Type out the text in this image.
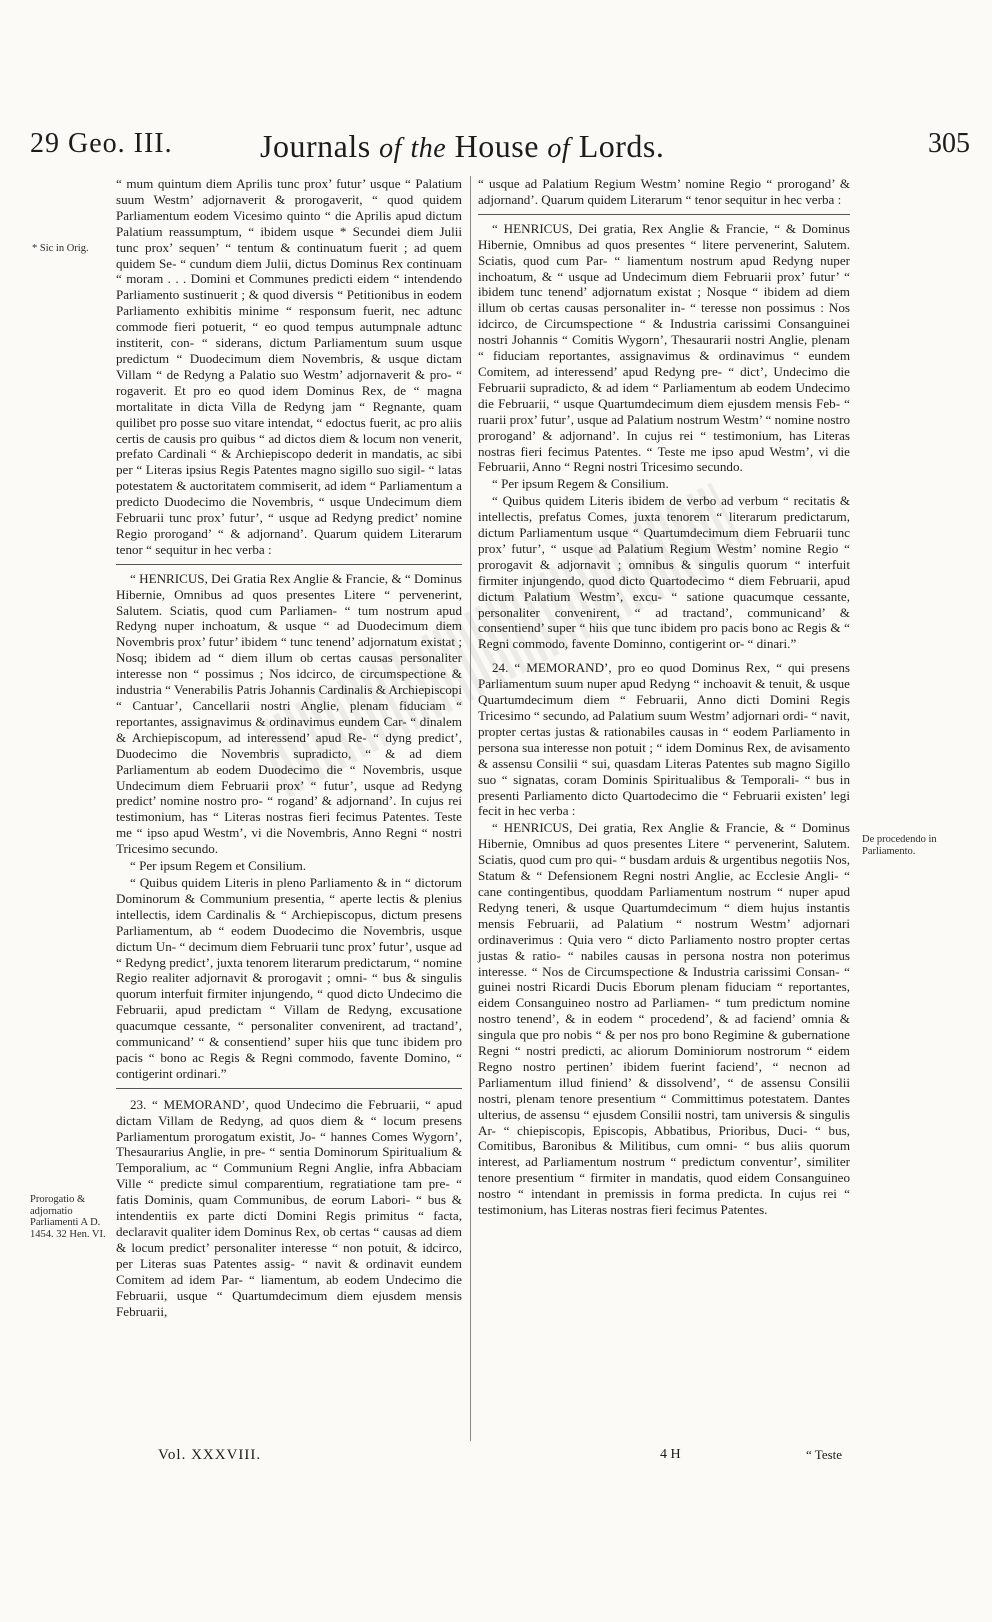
29 Geo. III.	Journals of the House of Lords.	305
* Sic in Orig.
Prorogatio & adjornatio Parliamenti A D. 1454. 32 Hen. VI.
De procedendo in Parliamento.

“ mum quintum diem Aprilis tunc prox’ futur’ usque “ Palatium suum Westm’ adjornaverit & prorogaverit, “ quod quidem Parliamentum eodem Vicesimo quinto “ die Aprilis apud dictum Palatium reassumptum, “ ibidem usque * Secundei diem Julii tunc prox’ sequen’ “ tentum & continuatum fuerit ; ad quem quidem Se- “ cundum diem Julii, dictus Dominus Rex continuam “ moram . . . Domini et Communes predicti eidem “ intendendo Parliamento sustinuerit ; & quod diversis “ Petitionibus in eodem Parliamento exhibitis minime “ responsum fuerit, nec adtunc commode fieri potuerit, “ eo quod tempus autumpnale adtunc institerit, con- “ siderans, dictum Parliamentum suum usque predictum “ Duodecimum diem Novembris, & usque dictam Villam “ de Redyng a Palatio suo Westm’ adjornaverit & pro- “ rogaverit. Et pro eo quod idem Dominus Rex, de “ magna mortalitate in dicta Villa de Redyng jam “ Regnante, quam quilibet pro posse suo vitare intendat, “ edoctus fuerit, ac pro aliis certis de causis pro quibus “ ad dictos diem & locum non venerit, prefato Cardinali “ & Archiepiscopo dederit in mandatis, ac sibi per “ Literas ipsius Regis Patentes magno sigillo suo sigil- “ latas potestatem & auctoritatem commiserit, ad idem “ Parliamentum a predicto Duodecimo die Novembris, “ usque Undecimum diem Februarii tunc prox’ futur’, “ usque ad Redyng predict’ nomine Regio prorogand’ “ & adjornand’. Quarum quidem Literarum tenor “ sequitur in hec verba :

“ HENRICUS, Dei Gratia Rex Anglie & Francie, & “ Dominus Hibernie, Omnibus ad quos presentes Litere “ pervenerint, Salutem. Sciatis, quod cum Parliamen- “ tum nostrum apud Redyng nuper inchoatum, & usque “ ad Duodecimum diem Novembris prox’ futur’ ibidem “ tunc tenend’ adjornatum existat ; Nosq; ibidem ad “ diem illum ob certas causas personaliter interesse non “ possimus ; Nos idcirco, de circumspectione & industria “ Venerabilis Patris Johannis Cardinalis & Archiepiscopi “ Cantuar’, Cancellarii nostri Anglie, plenam fiduciam “ reportantes, assignavimus & ordinavimus eundem Car- “ dinalem & Archiepiscopum, ad interessend’ apud Re- “ dyng predict’, Duodecimo die Novembris supradicto, “ & ad diem Parliamentum ab eodem Duodecimo die “ Novembris, usque Undecimum diem Februarii prox’ “ futur’, usque ad Redyng predict’ nomine nostro pro- “ rogand’ & adjornand’. In cujus rei testimonium, has “ Literas nostras fieri fecimus Patentes. Teste me “ ipso apud Westm’, vi die Novembris, Anno Regni “ nostri Tricesimo secundo.

“ Per ipsum Regem et Consilium.

“ Quibus quidem Literis in pleno Parliamento & in “ dictorum Dominorum & Communium presentia, “ aperte lectis & plenius intellectis, idem Cardinalis & “ Archiepiscopus, dictum presens Parliamentum, ab “ eodem Duodecimo die Novembris, usque dictum Un- “ decimum diem Februarii tunc prox’ futur’, usque ad “ Redyng predict’, juxta tenorem literarum predictarum, “ nomine Regio realiter adjornavit & prorogavit ; omni- “ bus & singulis quorum interfuit firmiter injungendo, “ quod dicto Undecimo die Februarii, apud predictam “ Villam de Redyng, excusatione quacumque cessante, “ personaliter convenirent, ad tractand’, communicand’ “ & consentiend’ super hiis que tunc ibidem pro pacis “ bono ac Regis & Regni commodo, favente Domino, “ contigerint ordinari.”

23. “ MEMORAND’, quod Undecimo die Februarii, “ apud dictam Villam de Redyng, ad quos diem & “ locum presens Parliamentum prorogatum existit, Jo- “ hannes Comes Wygorn’, Thesaurarius Anglie, in pre- “ sentia Dominorum Spiritualium & Temporalium, ac “ Communium Regni Anglie, infra Abbaciam Ville “ predicte simul comparentium, regratiatione tam pre- “ fatis Dominis, quam Communibus, de eorum Labori- “ bus & intendentiis ex parte dicti Domini Regis primitus “ facta, declaravit qualiter idem Dominus Rex, ob certas “ causas ad diem & locum predict’ personaliter interesse “ non potuit, & idcirco, per Literas suas Patentes assig- “ navit & ordinavit eundem Comitem ad idem Par- “ liamentum, ab eodem Undecimo die Februarii, usque “ Quartumdecimum diem ejusdem mensis Februarii,

“ usque ad Palatium Regium Westm’ nomine Regio “ prorogand’ & adjornand’. Quarum quidem Literarum “ tenor sequitur in hec verba :

“ HENRICUS, Dei gratia, Rex Anglie & Francie, “ & Dominus Hibernie, Omnibus ad quos presentes “ litere pervenerint, Salutem. Sciatis, quod cum Par- “ liamentum nostrum apud Redyng nuper inchoatum, & “ usque ad Undecimum diem Februarii prox’ futur’ “ ibidem tunc tenend’ adjornatum existat ; Nosque “ ibidem ad diem illum ob certas causas personaliter in- “ teresse non possimus : Nos idcirco, de Circumspectione “ & Industria carissimi Consanguinei nostri Johannis “ Comitis Wygorn’, Thesaurarii nostri Anglie, plenam “ fiduciam reportantes, assignavimus & ordinavimus “ eundem Comitem, ad interessend’ apud Redyng pre- “ dict’, Undecimo die Februarii supradicto, & ad idem “ Parliamentum ab eodem Undecimo die Februarii, “ usque Quartumdecimum diem ejusdem mensis Feb- “ ruarii prox’ futur’, usque ad Palatium nostrum Westm’ “ nomine nostro prorogand’ & adjornand’. In cujus rei “ testimonium, has Literas nostras fieri fecimus Patentes. “ Teste me ipso apud Westm’, vi die Februarii, Anno “ Regni nostri Tricesimo secundo.

“ Per ipsum Regem & Consilium.

“ Quibus quidem Literis ibidem de verbo ad verbum “ recitatis & intellectis, prefatus Comes, juxta tenorem “ literarum predictarum, dictum Parliamentum usque “ Quartumdecimum diem Februarii tunc prox’ futur’, “ usque ad Palatium Regium Westm’ nomine Regio “ prorogavit & adjornavit ; omnibus & singulis quorum “ interfuit firmiter injungendo, quod dicto Quartodecimo “ diem Februarii, apud dictum Palatium Westm’, excu- “ satione quacumque cessante, personaliter convenirent, “ ad tractand’, communicand’ & consentiend’ super “ hiis que tunc ibidem pro pacis bono ac Regis & “ Regni commodo, favente Dominno, contigerint or- “ dinari.”

24. “ MEMORAND’, pro eo quod Dominus Rex, “ qui presens Parliamentum suum nuper apud Redyng “ inchoavit & tenuit, & usque Quartumdecimum diem “ Februarii, Anno dicti Domini Regis Tricesimo “ secundo, ad Palatium suum Westm’ adjornari ordi- “ navit, propter certas justas & rationabiles causas in “ eodem Parliamento in persona sua interesse non potuit ; “ idem Dominus Rex, de avisamento & assensu Consilii “ sui, quasdam Literas Patentes sub magno Sigillo suo “ signatas, coram Dominis Spiritualibus & Temporali- “ bus in presenti Parliamento dicto Quartodecimo die “ Februarii existen’ legi fecit in hec verba :

“ HENRICUS, Dei gratia, Rex Anglie & Francie, & “ Dominus Hibernie, Omnibus ad quos presentes Litere “ pervenerint, Salutem. Sciatis, quod cum pro qui- “ busdam arduis & urgentibus negotiis Nos, Statum & “ Defensionem Regni nostri Anglie, ac Ecclesie Angli- “ cane contingentibus, quoddam Parliamentum nostrum “ nuper apud Redyng teneri, & usque Quartumdecimum “ diem hujus instantis mensis Februarii, ad Palatium “ nostrum Westm’ adjornari ordinaverimus : Quia vero “ dicto Parliamento nostro propter certas justas & ratio- “ nabiles causas in persona nostra non poterimus interesse. “ Nos de Circumspectione & Industria carissimi Consan- “ guinei nostri Ricardi Ducis Eborum plenam fiduciam “ reportantes, eidem Consanguineo nostro ad Parliamen- “ tum predictum nomine nostro tenend’, & in eodem “ procedend’, & ad faciend’ omnia & singula que pro nobis “ & per nos pro bono Regimine & gubernatione Regni “ nostri predicti, ac aliorum Dominiorum nostrorum “ eidem Regno nostro pertinen’ ibidem fuerint faciend’, “ necnon ad Parliamentum illud finiend’ & dissolvend’, “ de assensu Consilii nostri, plenam tenore presentium “ Committimus potestatem. Dantes ulterius, de assensu “ ejusdem Consilii nostri, tam universis & singulis Ar- “ chiepiscopis, Episcopis, Abbatibus, Prioribus, Duci- “ bus, Comitibus, Baronibus & Militibus, cum omni- “ bus aliis quorum interest, ad Parliamentum nostrum “ predictum conventur’, similiter tenore presentium “ firmiter in mandatis, quod eidem Consanguineo nostro “ intendant in premissis in forma predicta. In cujus rei “ testimonium, has Literas nostras fieri fecimus Patentes.

Vol. XXXVIII.	4 H	“ Teste
